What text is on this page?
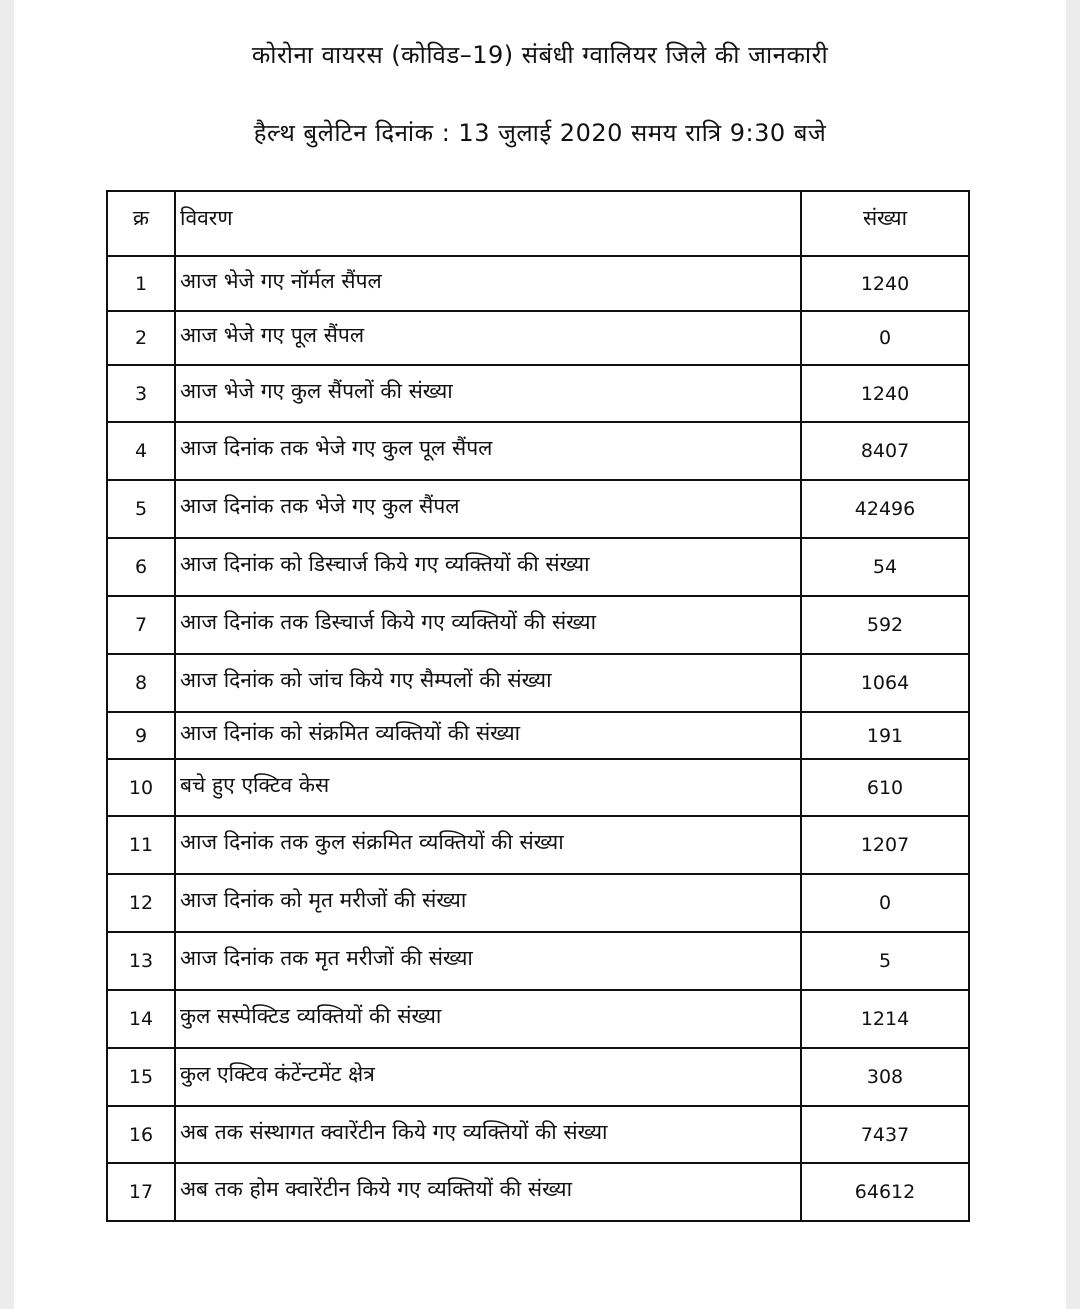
कोरोना वायरस (कोविड–19) संबंधी ग्वालियर जिले की जानकारी
हैल्थ बुलेटिन दिनांक : 13 जुलाई 2020 समय रात्रि 9:30 बजे
क्र	विवरण	संख्या
1	आज भेजे गए नॉर्मल सैंपल	1240
2	आज भेजे गए पूल सैंपल	0
3	आज भेजे गए कुल सैंपलों की संख्या	1240
4	आज दिनांक तक भेजे गए कुल पूल सैंपल	8407
5	आज दिनांक तक भेजे गए कुल सैंपल	42496
6	आज दिनांक को डिस्चार्ज किये गए व्यक्तियों की संख्या	54
7	आज दिनांक तक डिस्चार्ज किये गए व्यक्तियों की संख्या	592
8	आज दिनांक को जांच किये गए सैम्पलों की संख्या	1064
9	आज दिनांक को संक्रमित व्यक्तियों की संख्या	191
10	बचे हुए एक्टिव केस	610
11	आज दिनांक तक कुल संक्रमित व्यक्तियों की संख्या	1207
12	आज दिनांक को मृत मरीजों की संख्या	0
13	आज दिनांक तक मृत मरीजों की संख्या	5
14	कुल सस्पेक्टिड व्यक्तियों की संख्या	1214
15	कुल एक्टिव कंटेंन्टमेंट क्षेत्र	308
16	अब तक संस्थागत क्वारेंटीन किये गए व्यक्तियों की संख्या	7437
17	अब तक होम क्वारेंटीन किये गए व्यक्तियों की संख्या	64612
